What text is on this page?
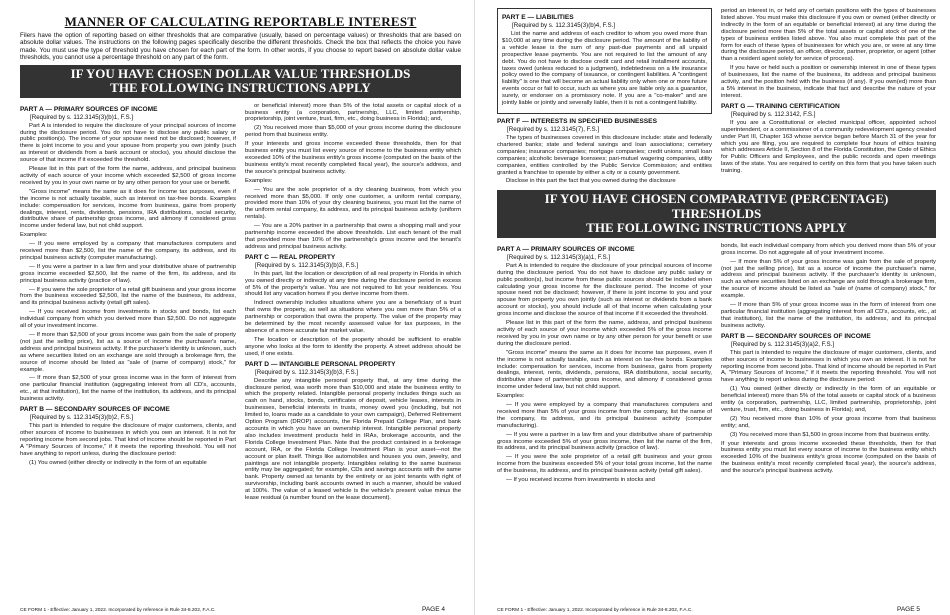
MANNER OF CALCULATING REPORTABLE INTEREST

Filers have the option of reporting based on either thresholds that are comparative (usually, based on percentage values) or thresholds that are based on absolute dollar values. The instructions on the following pages specifically describe the different thresholds. Check the box that reflects the choice you have made. You must use the type of threshold you have chosen for each part of the form. In other words, if you choose to report based on absolute dollar value thresholds, you cannot use a percentage threshold on any part of the form.

IF YOU HAVE CHOSEN DOLLAR VALUE THRESHOLDS
THE FOLLOWING INSTRUCTIONS APPLY
PART A — PRIMARY SOURCES OF INCOME
[Required by s. 112.3145(3)(b)1, F.S.]

Part A is intended to require the disclosure of your principal sources of income during the disclosure period. You do not have to disclose any public salary or public position(s). The income of your spouse need not be disclosed; however, if there is joint income to you and your spouse from property you own jointly (such as interest or dividends from a bank account or stocks), you should disclose the source of that income if it exceeded the threshold.

Please list in this part of the form the name, address, and principal business activity of each source of your income which exceeded $2,500 of gross income received by you in your own name or by any other person for your use or benefit.

"Gross income" means the same as it does for income tax purposes, even if the income is not actually taxable, such as interest on tax-free bonds. Examples include: compensation for services, income from business, gains from property dealings, interest, rents, dividends, pensions, IRA distributions, social security, distributive share of partnership gross income, and alimony if considered gross income under federal law, but not child support.

Examples:

— If you were employed by a company that manufactures computers and received more than $2,500, list the name of the company, its address, and its principal business activity (computer manufacturing).

— If you were a partner in a law firm and your distributive share of partnership gross income exceeded $2,500, list the name of the firm, its address, and its principal business activity (practice of law).

— If you were the sole proprietor of a retail gift business and your gross income from the business exceeded $2,500, list the name of the business, its address, and its principal business activity (retail gift sales).

— If you received income from investments in stocks and bonds, list each individual company from which you derived more than $2,500. Do not aggregate all of your investment income.

— If more than $2,500 of your gross income was gain from the sale of property (not just the selling price), list as a source of income the purchaser's name, address and principal business activity. If the purchaser's identity is unknown, such as where securities listed on an exchange are sold through a brokerage firm, the source of income should be listed as "sale of (name of company) stock," for example.

— If more than $2,500 of your gross income was in the form of interest from one particular financial institution (aggregating interest from all CD's, accounts, etc., at that institution), list the name of the institution, its address, and its principal business activity.

PART B — SECONDARY SOURCES OF INCOME
[Required by s. 112.3145(3)(b)2, F.S.]

This part is intended to require the disclosure of major customers, clients, and other sources of income to businesses in which you own an interest. It is not for reporting income from second jobs. That kind of income should be reported in Part A "Primary Sources of Income," if it meets the reporting threshold. You will not have anything to report unless, during the disclosure period:

(1) You owned (either directly or indirectly in the form of an equitable

or beneficial interest) more than 5% of the total assets or capital stock of a business entity (a corporation, partnership, LLC, limited partnership, proprietorship, joint venture, trust, firm, etc., doing business in Florida); and,

(2) You received more than $5,000 of your gross income during the disclosure period from that business entity.

If your interests and gross income exceeded these thresholds, then for that business entity you must list every source of income to the business entity which exceeded 10% of the business entity's gross income (computed on the basis of the business entity's most recently completed fiscal year), the source's address, and the source's principal business activity.

Examples:

— You are the sole proprietor of a dry cleaning business, from which you received more than $5,000. If only one customer, a uniform rental company, provided more than 10% of your dry cleaning business, you must list the name of the uniform rental company, its address, and its principal business activity (uniform rentals).

— You are a 20% partner in a partnership that owns a shopping mall and your partnership income exceeded the above thresholds. List each tenant of the mall that provided more than 10% of the partnership's gross income and the tenant's address and principal business activity.

PART C — REAL PROPERTY
[Required by s. 112.3145(3)(b)3, F.S.]

In this part, list the location or description of all real property in Florida in which you owned directly or indirectly at any time during the disclosure period in excess of 5% of the property's value. You are not required to list your residences. You should list any vacation homes if you derive income from them.

Indirect ownership includes situations where you are a beneficiary of a trust that owns the property, as well as situations where you own more than 5% of a partnership or corporation that owns the property. The value of the property may be determined by the most recently assessed value for tax purposes, in the absence of a more accurate fair market value.

The location or description of the property should be sufficient to enable anyone who looks at the form to identify the property. A street address should be used, if one exists.

PART D — INTANGIBLE PERSONAL PROPERTY
[Required by s. 112.3145(3)(b)3, F.S.]

Describe any intangible personal property that, at any time during the disclosure period, was worth more than $10,000 and state the business entity to which the property related. Intangible personal property includes things such as cash on hand, stocks, bonds, certificates of deposit, vehicle leases, interests in businesses, beneficial interests in trusts, money owed you (including, but not limited to, loans made as a candidate to your own campaign), Deferred Retirement Option Program (DROP) accounts, the Florida Prepaid College Plan, and bank accounts in which you have an ownership interest. Intangible personal property also includes investment products held in IRAs, brokerage accounts, and the Florida College Investment Plan. Note that the product contained in a brokerage account, IRA, or the Florida College Investment Plan is your asset—not the account or plan itself. Things like automobiles and houses you own, jewelry, and paintings are not intangible property. Intangibles relating to the same business entity may be aggregated; for example, CDs and savings accounts with the same bank. Property owned as tenants by the entirety or as joint tenants with right of survivorship, including bank accounts owned in such a manner, should be valued at 100%. The value of a leased vehicle is the vehicle's present value minus the lease residual (a number found on the lease document).

CE FORM 1 - Effective: January 1, 2022. Incorporated by reference in Rule 34-8.202, F.A.C.	PAGE 4
PART E — LIABILITIES
[Required by s. 112.3145(3)(b)4, F.S.]

List the name and address of each creditor to whom you owed more than $10,000 at any time during the disclosure period. The amount of the liability of a vehicle lease is the sum of any past-due payments and all unpaid prospective lease payments. You are not required to list the amount of any debt. You do not have to disclose credit card and retail installment accounts, taxes owed (unless reduced to a judgment), indebtedness on a life insurance policy owed to the company of issuance, or contingent liabilities. A "contingent liability" is one that will become an actual liability only when one or more future events occur or fail to occur, such as where you are liable only as a guarantor, surety, or endorser on a promissory note. If you are a "co-maker" and are jointly liable or jointly and severally liable, then it is not a contingent liability.

PART F — INTERESTS IN SPECIFIED BUSINESSES
[Required by s. 112.3145(7), F.S.]

The types of businesses covered in this disclosure include: state and federally chartered banks; state and federal savings and loan associations; cemetery companies; insurance companies; mortgage companies; credit unions; small loan companies; alcoholic beverage licensees; pari-mutuel wagering companies, utility companies, entities controlled by the Public Service Commission; and entities granted a franchise to operate by either a city or a county government.

Disclose in this part the fact that you owned during the disclosure

period an interest in, or held any of certain positions with the types of businesses listed above. You must make this disclosure if you own or owned (either directly or indirectly in the form of an equitable or beneficial interest) at any time during the disclosure period more than 5% of the total assets or capital stock of one of the types of business entities listed above. You also must complete this part of the form for each of these types of businesses for which you are, or were at any time during the disclosure period, an officer, director, partner, proprietor, or agent (other than a resident agent solely for service of process).

If you have or held such a position or ownership interest in one of these types of businesses, list the name of the business, its address and principal business activity, and the position held with the business (if any). If you own(ed) more than a 5% interest in the business, indicate that fact and describe the nature of your interest.

PART G — TRAINING CERTIFICATION
[Required by s. 112.3142, F.S.]

If you are a Constitutional or elected municipal officer, appointed school superintendent, or a commissioner of a community redevelopment agency created under Part III, Chapter 163 whose service began before March 31 of the year for which you are filing, you are required to complete four hours of ethics training which addresses Article II, Section 8 of the Florida Constitution, the Code of Ethics for Public Officers and Employees, and the public records and open meetings laws of the state. You are required to certify on this form that you have taken such training.

IF YOU HAVE CHOSEN COMPARATIVE (PERCENTAGE) THRESHOLDS
THE FOLLOWING INSTRUCTIONS APPLY
PART A — PRIMARY SOURCES OF INCOME
[Required by s. 112.3145(3)(a)1, F.S.]

Part A is intended to require the disclosure of your principal sources of income during the disclosure period. You do not have to disclose any public salary or public position(s), but income from these public sources should be included when calculating your gross income for the disclosure period. The income of your spouse need not be disclosed; however, if there is joint income to you and your spouse from property you own jointly (such as interest or dividends from a bank account or stocks), you should include all of that income when calculating your gross income and disclose the source of that income if it exceeded the threshold.

Please list in this part of the form the name, address, and principal business activity of each source of your income which exceeded 5% of the gross income received by you in your own name or by any other person for your benefit or use during the disclosure period.

"Gross income" means the same as it does for income tax purposes, even if the income is not actually taxable, such as interest on tax-free bonds. Examples include: compensation for services, income from business, gains from property dealings, interest, rents, dividends, pensions, IRA distributions, social security, distributive share of partnership gross income, and alimony if considered gross income under federal law, but not child support.

Examples:

— If you were employed by a company that manufactures computers and received more than 5% of your gross income from the company, list the name of the company, its address, and its principal business activity (computer manufacturing).

— If you were a partner in a law firm and your distributive share of partnership gross income exceeded 5% of your gross income, then list the name of the firm, its address, and its principal business activity (practice of law).

— If you were the sole proprietor of a retail gift business and your gross income from the business exceeded 5% of your total gross income, list the name of the business, its address, and its principal business activity (retail gift sales).

— If you received income from investments in stocks and

bonds, list each individual company from which you derived more than 5% of your gross income. Do not aggregate all of your investment income.

— If more than 5% of your gross income was gain from the sale of property (not just the selling price), list as a source of income the purchaser's name, address and principal business activity. If the purchaser's identity is unknown, such as where securities listed on an exchange are sold through a brokerage firm, the source of income should be listed as "sale of (name of company) stock," for example.

— If more than 5% of your gross income was in the form of interest from one particular financial institution (aggregating interest from all CD's, accounts, etc., at that institution), list the name of the institution, its address, and its principal business activity.

PART B — SECONDARY SOURCES OF INCOME
[Required by s. 112.3145(3)(a)2, F.S.]

This part is intended to require the disclosure of major customers, clients, and other sources of income to businesses in which you own an interest. It is not for reporting income from second jobs. That kind of income should be reported in Part A, "Primary Sources of Income," if it meets the reporting threshold. You will not have anything to report unless during the disclosure period:

(1) You owned (either directly or indirectly in the form of an equitable or beneficial interest) more than 5% of the total assets or capital stock of a business entity (a corporation, partnership, LLC, limited partnership, proprietorship, joint venture, trust, firm, etc., doing business in Florida); and,

(2) You received more than 10% of your gross income from that business entity; and,

(3) You received more than $1,500 in gross income from that business entity.

If your interests and gross income exceeded these thresholds, then for that business entity you must list every source of income to the business entity which exceeded 10% of the business entity's gross income (computed on the basis of the business entity's most recently completed fiscal year), the source's address, and the source's principal business activity.

CE FORM 1 - Effective: January 1, 2022. Incorporated by reference in Rule 34-8.202, F.A.C.	PAGE 5
